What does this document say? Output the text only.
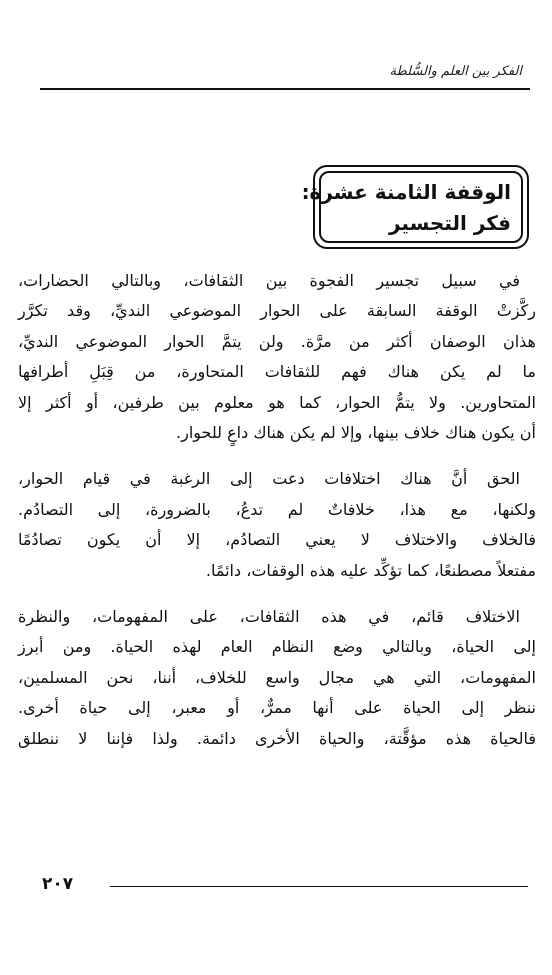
الفكر بين العلم والسُّلطة
الوقفة الثامنة عشرة:
فكر التجسير

في سبيل تجسير الفجوة بين الثقافات، وبالتالي الحضارات،
ركَّزتْ الوقفة السابقة على الحوار الموضوعي النديِّ، وقد تكرَّر
هذان الوصفان أكثر من مرَّة. ولن يتمَّ الحوار الموضوعي النديِّ،
ما لم يكن هناك فهم للثقافات المتحاورة، من قِبَلِ أطرافها
المتحاورين. ولا يتمُّ الحوار، كما هو معلوم بين طرفين، أو أكثر إلا
أن يكون هناك خلاف بينها، وإلا لم يكن هناك داعٍ للحوار.

الحق أنَّ هناك اختلافات دعت إلى الرغبة في قيام الحوار،
ولكنها، مع هذا، خلافاتٌ لم تدعُ، بالضرورة، إلى التصادُم.
فالخلاف والاختلاف لا يعني التصادُم، إلا أن يكون تصادُمًا
مفتعلاً مصطنعًا، كما تؤكِّد عليه هذه الوقفات، دائمًا.

الاختلاف قائم، في هذه الثقافات، على المفهومات، والنظرة
إلى الحياة، وبالتالي وضع النظام العام لهذه الحياة. ومن أبرز
المفهومات، التي هي مجال واسع للخلاف، أننا، نحن المسلمين،
ننظر إلى الحياة على أنها ممرٌّ، أو معبر، إلى حياة أخرى.
فالحياة هذه مؤقَّتة، والحياة الأخرى دائمة. ولذا فإننا لا ننطلق

٢٠٧
